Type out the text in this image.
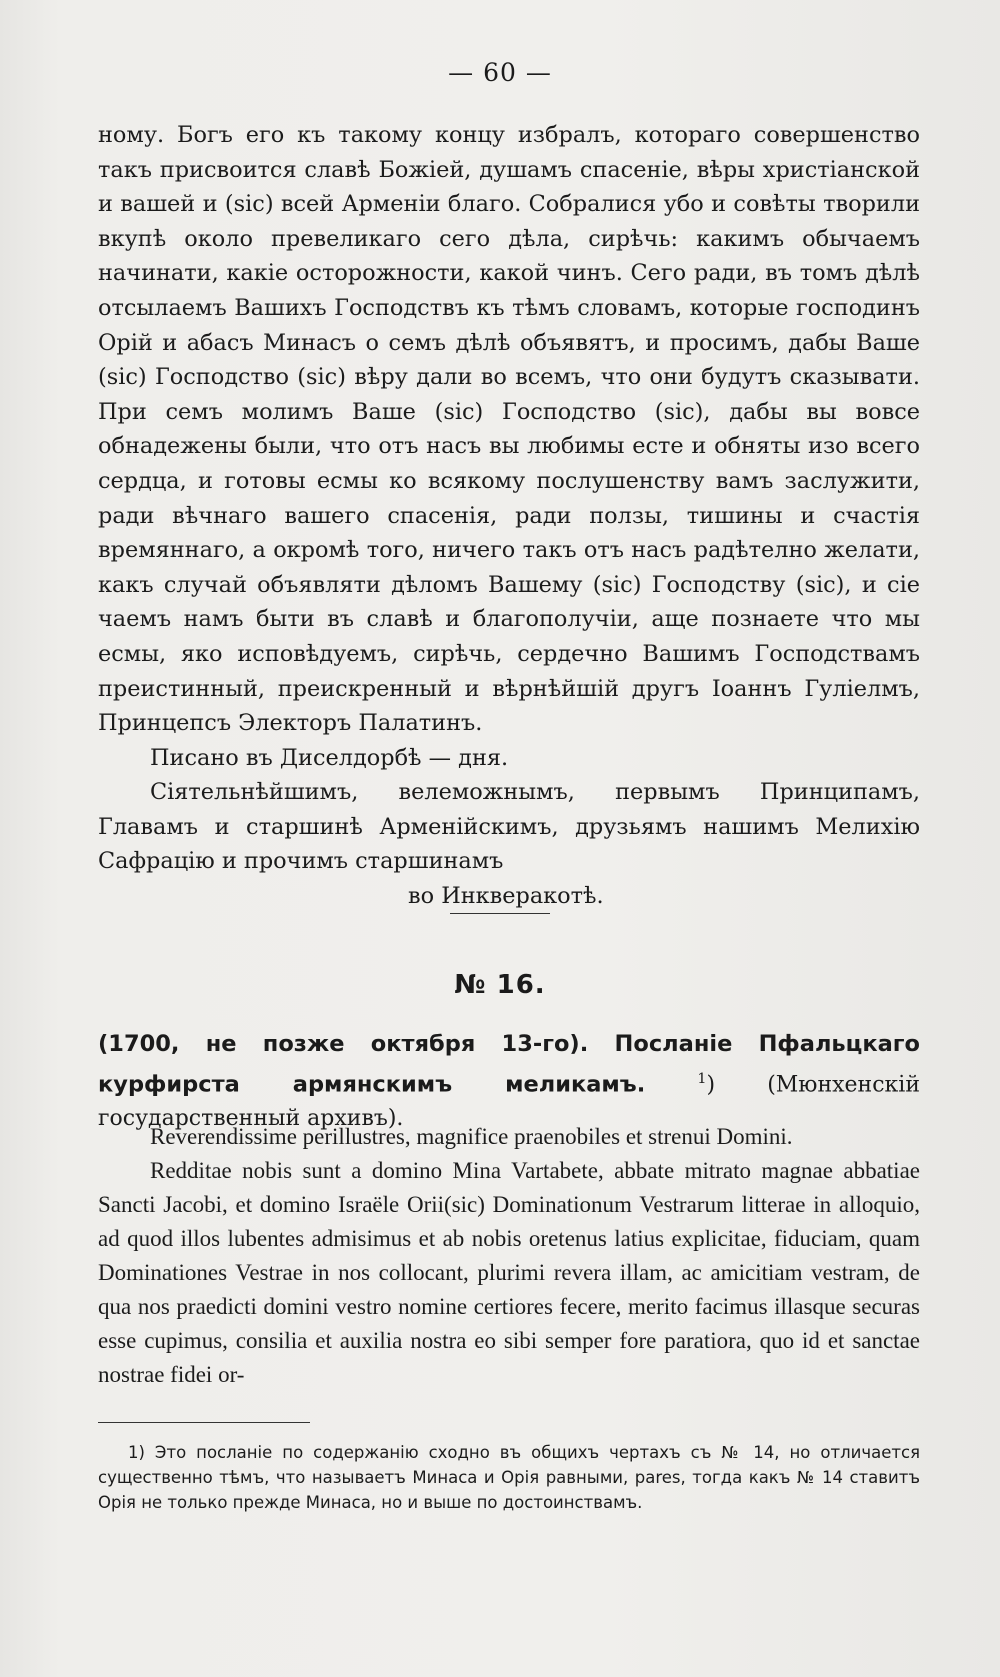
— 60 —

ному. Богъ его къ такому концу избралъ, котораго совершенство такъ присвоится славѣ Божіей, душамъ спасеніе, вѣры христіанской и вашей и (sic) всей Арменіи благо. Собралися убо и совѣты творили вкупѣ около превеликаго сего дѣла, сирѣчь: какимъ обычаемъ начинати, какіе осторожности, какой чинъ. Сего ради, въ томъ дѣлѣ отсылаемъ Вашихъ Господствъ къ тѣмъ словамъ, которые господинъ Орій и абасъ Минасъ о семъ дѣлѣ объявятъ, и просимъ, дабы Ваше (sic) Господство (sic) вѣру дали во всемъ, что они будутъ сказывати. При семъ молимъ Ваше (sic) Господство (sic), дабы вы вовсе обнадежены были, что отъ насъ вы любимы есте и обняты изо всего сердца, и готовы есмы ко всякому послушенству вамъ заслужити, ради вѣчнаго вашего спасенія, ради ползы, тишины и счастія времяннаго, а окромѣ того, ничего такъ отъ насъ радѣтелно желати, какъ случай объявляти дѣломъ Вашему (sic) Господству (sic), и сіе чаемъ намъ быти въ славѣ и благополучіи, аще познаете что мы есмы, яко исповѣдуемъ, сирѣчь, сердечно Вашимъ Господствамъ преистинный, преискренный и вѣрнѣйшій другъ Іоаннъ Гуліелмъ, Принцепсъ Электоръ Палатинъ.

Писано въ Диселдорбѣ — дня.

Сіятельнѣйшимъ, велеможнымъ, первымъ Принципамъ, Главамъ и старшинѣ Арменійскимъ, друзьямъ нашимъ Мелихію Сафрацію и прочимъ старшинамъ

во Инкверакотѣ.

№ 16.
(1700, не позже октября 13-го). Посланіе Пфальцкаго курфирста армянскимъ меликамъ.	$^1$) (Мюнхенскій государственный архивъ).

Reverendissime perillustres, magnifice praenobiles et strenui Domini.

Redditae nobis sunt a domino Mina Vartabete, abbate mitrato magnae abbatiae Sancti Jacobi, et domino Israële Orii(sic) Dominationum Vestrarum litterae in alloquio, ad quod illos lubentes admisimus et ab nobis oretenus latius explicitae, fiduciam, quam Dominationes Vestrae in nos collocant, plurimi revera illam, ac amicitiam vestram, de qua nos praedicti domini vestro nomine certiores fecere, merito facimus illasque securas esse cupimus, consilia et auxilia nostra eo sibi semper fore paratiora, quo id et sanctae nostrae fidei or-

1) Это посланіе по содержанію сходно въ общихъ чертахъ съ № 14, но отличается существенно тѣмъ, что называетъ Минаса и Орія равными, pares, тогда какъ № 14 ставитъ Орія не только прежде Минаса, но и выше по достоинствамъ.
